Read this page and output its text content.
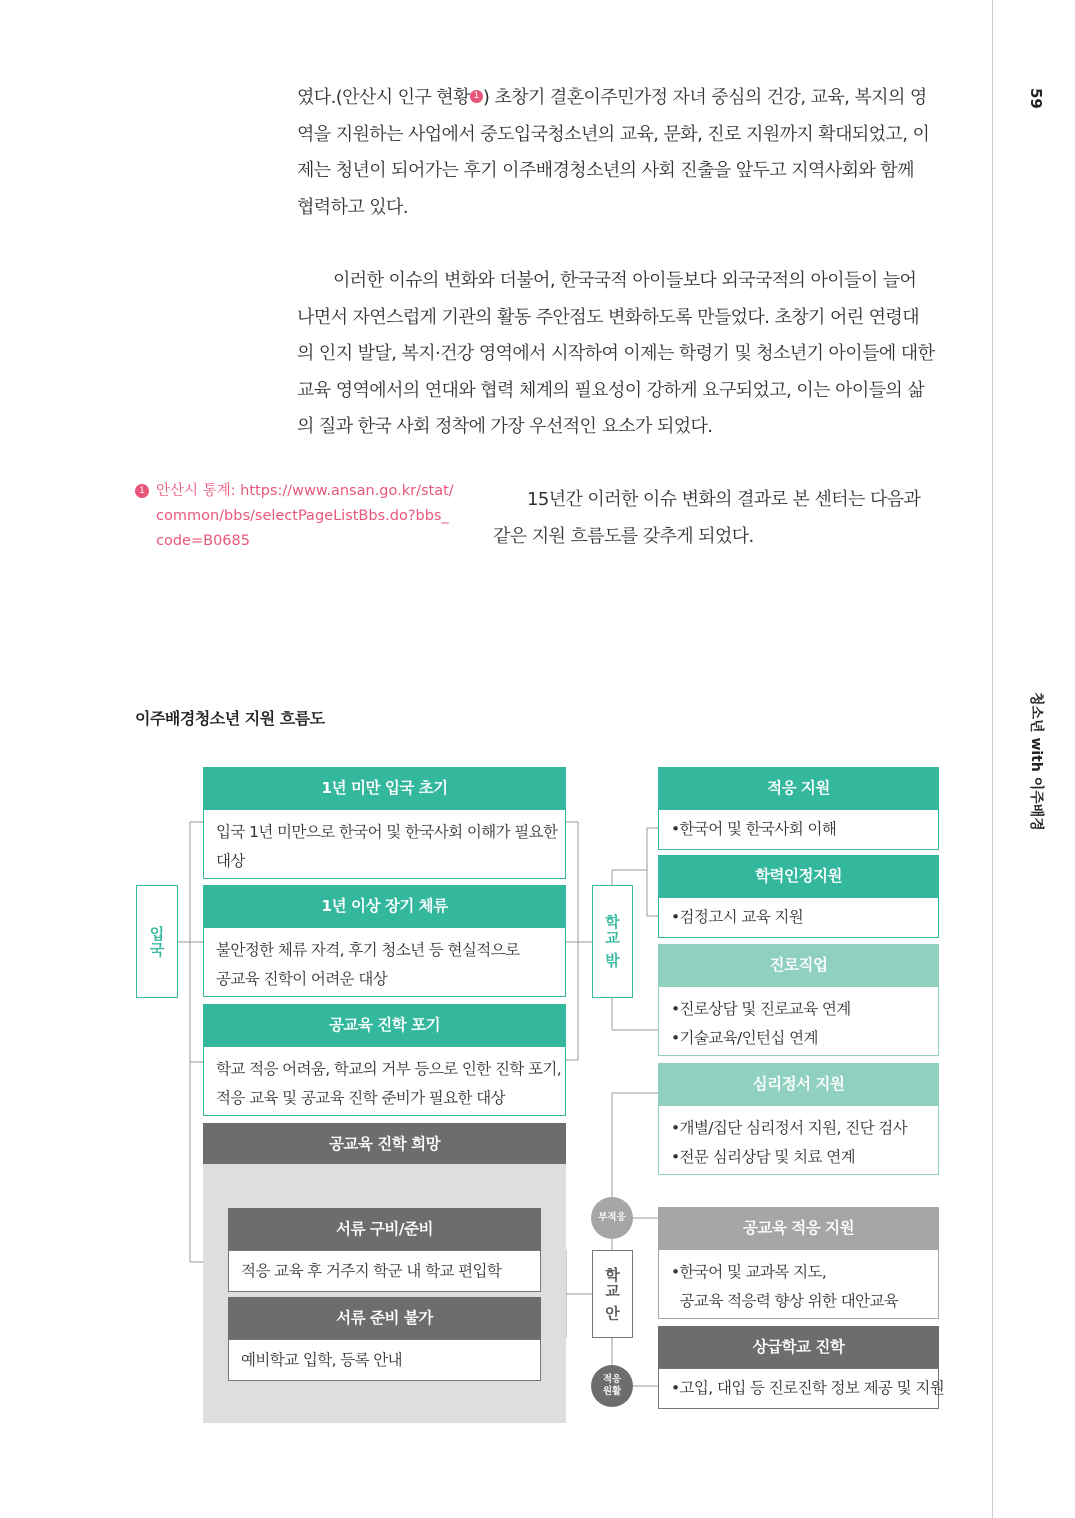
59
청소년 with 이주배경
였다.(안산시 인구 현황 1 ) 초창기 결혼이주민가정 자녀 중심의 건강, 교육, 복지의 영
역을 지원하는 사업에서 중도입국청소년의 교육, 문화, 진로 지원까지 확대되었고, 이
제는 청년이 되어가는 후기 이주배경청소년의 사회 진출을 앞두고 지역사회와 함께
협력하고 있다.
이러한 이슈의 변화와 더불어, 한국국적 아이들보다 외국국적의 아이들이 늘어
나면서 자연스럽게 기관의 활동 주안점도 변화하도록 만들었다. 초창기 어린 연령대
의 인지 발달, 복지·건강 영역에서 시작하여 이제는 학령기 및 청소년기 아이들에 대한
교육 영역에서의 연대와 협력 체계의 필요성이 강하게 요구되었고, 이는 아이들의 삶
의 질과 한국 사회 정착에 가장 우선적인 요소가 되었다.
1 안산시 통계: https://www.ansan.go.kr/stat/
common/bbs/selectPageListBbs.do?bbs_
code=B0685
15년간 이러한 이슈 변화의 결과로 본 센터는 다음과
같은 지원 흐름도를 갖추게 되었다.
이주배경청소년 지원 흐름도
입국
1년 미만 입국 초기
입국 1년 미만으로 한국어 및 한국사회 이해가 필요한
대상
1년 이상 장기 체류
불안정한 체류 자격, 후기 청소년 등 현실적으로
공교육 진학이 어려운 대상
공교육 진학 포기
학교 적응 어려움, 학교의 거부 등으로 인한 진학 포기,
적응 교육 및 공교육 진학 준비가 필요한 대상
공교육 진학 희망
서류 구비/준비
적응 교육 후 거주지 학군 내 학교 편입학
서류 준비 불가
예비학교 입학, 등록 안내
학교 밖
부적응
학교 안
적응 원활
적응 지원
•한국어 및 한국사회 이해
학력인정지원
•검정고시 교육 지원
진로직업
•진로상담 및 진로교육 연계
•기술교육/인턴십 연계
심리정서 지원
•개별/집단 심리정서 지원, 진단 검사
•전문 심리상담 및 치료 연계
공교육 적응 지원
•한국어 및 교과목 지도,
공교육 적응력 향상 위한 대안교육
상급학교 진학
•고입, 대입 등 진로진학 정보 제공 및 지원
